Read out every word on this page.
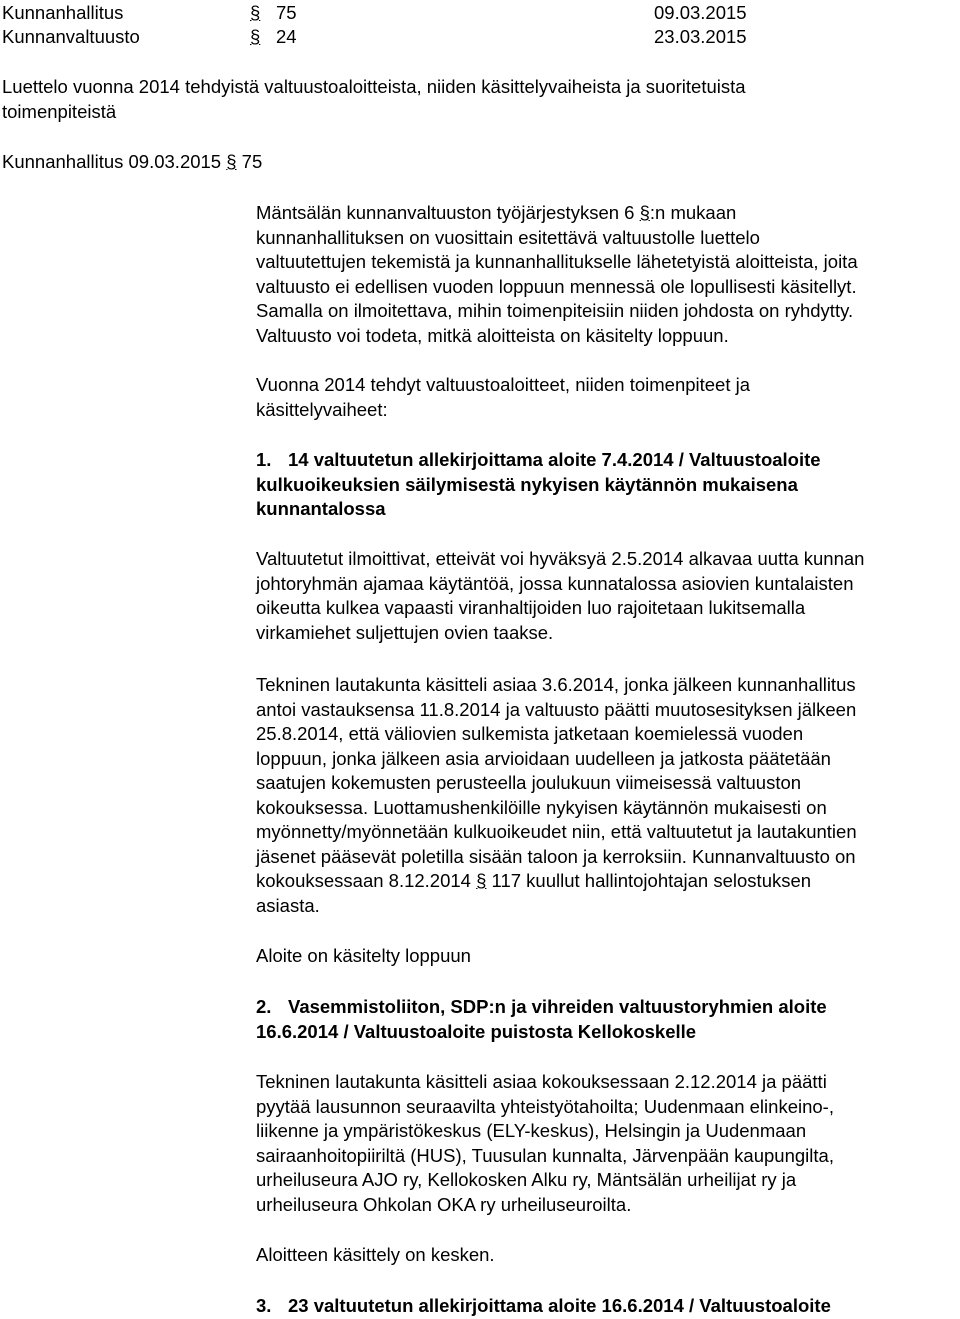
Kunnanhallitus	§ 75	09.03.2015
Kunnanvaltuusto	§ 24	23.03.2015
Luettelo vuonna 2014 tehdyistä valtuustoaloitteista, niiden käsittelyvaiheista ja suoritetuista
toimenpiteistä
Kunnanhallitus 09.03.2015 § 75

Mäntsälän kunnanvaltuuston työjärjestyksen 6 §:n mukaan

kunnanhallituksen on vuosittain esitettävä valtuustolle luettelo

valtuutettujen tekemistä ja kunnanhallitukselle lähetetyistä aloitteista, joita

valtuusto ei edellisen vuoden loppuun mennessä ole lopullisesti käsitellyt.

Samalla on ilmoitettava, mihin toimenpiteisiin niiden johdosta on ryhdytty.

Valtuusto voi todeta, mitkä aloitteista on käsitelty loppuun.

Vuonna 2014 tehdyt valtuustoaloitteet, niiden toimenpiteet ja

käsittelyvaiheet:

1. 14 valtuutetun allekirjoittama aloite 7.4.2014 / Valtuustoaloite

kulkuoikeuksien säilymisestä nykyisen käytännön mukaisena

kunnantalossa

Valtuutetut ilmoittivat, etteivät voi hyväksyä 2.5.2014 alkavaa uutta kunnan

johtoryhmän ajamaa käytäntöä, jossa kunnatalossa asiovien kuntalaisten

oikeutta kulkea vapaasti viranhaltijoiden luo rajoitetaan lukitsemalla

virkamiehet suljettujen ovien taakse.

Tekninen lautakunta käsitteli asiaa 3.6.2014, jonka jälkeen kunnanhallitus

antoi vastauksensa 11.8.2014 ja valtuusto päätti muutosesityksen jälkeen

25.8.2014, että väliovien sulkemista jatketaan koemielessä vuoden

loppuun, jonka jälkeen asia arvioidaan uudelleen ja jatkosta päätetään

saatujen kokemusten perusteella joulukuun viimeisessä valtuuston

kokouksessa. Luottamushenkilöille nykyisen käytännön mukaisesti on

myönnetty/myönnetään kulkuoikeudet niin, että valtuutetut ja lautakuntien

jäsenet pääsevät poletilla sisään taloon ja kerroksiin. Kunnanvaltuusto on

kokouksessaan 8.12.2014 § 117 kuullut hallintojohtajan selostuksen

asiasta.

Aloite on käsitelty loppuun

2. Vasemmistoliiton, SDP:n ja vihreiden valtuustoryhmien aloite

16.6.2014 / Valtuustoaloite puistosta Kellokoskelle

Tekninen lautakunta käsitteli asiaa kokouksessaan 2.12.2014 ja päätti

pyytää lausunnon seuraavilta yhteistyötahoilta; Uudenmaan elinkeino-,

liikenne ja ympäristökeskus (ELY-keskus), Helsingin ja Uudenmaan

sairaanhoitopiiriltä (HUS), Tuusulan kunnalta, Järvenpään kaupungilta,

urheiluseura AJO ry, Kellokosken Alku ry, Mäntsälän urheilijat ry ja

urheiluseura Ohkolan OKA ry urheiluseuroilta.

Aloitteen käsittely on kesken.

3. 23 valtuutetun allekirjoittama aloite 16.6.2014 / Valtuustoaloite
